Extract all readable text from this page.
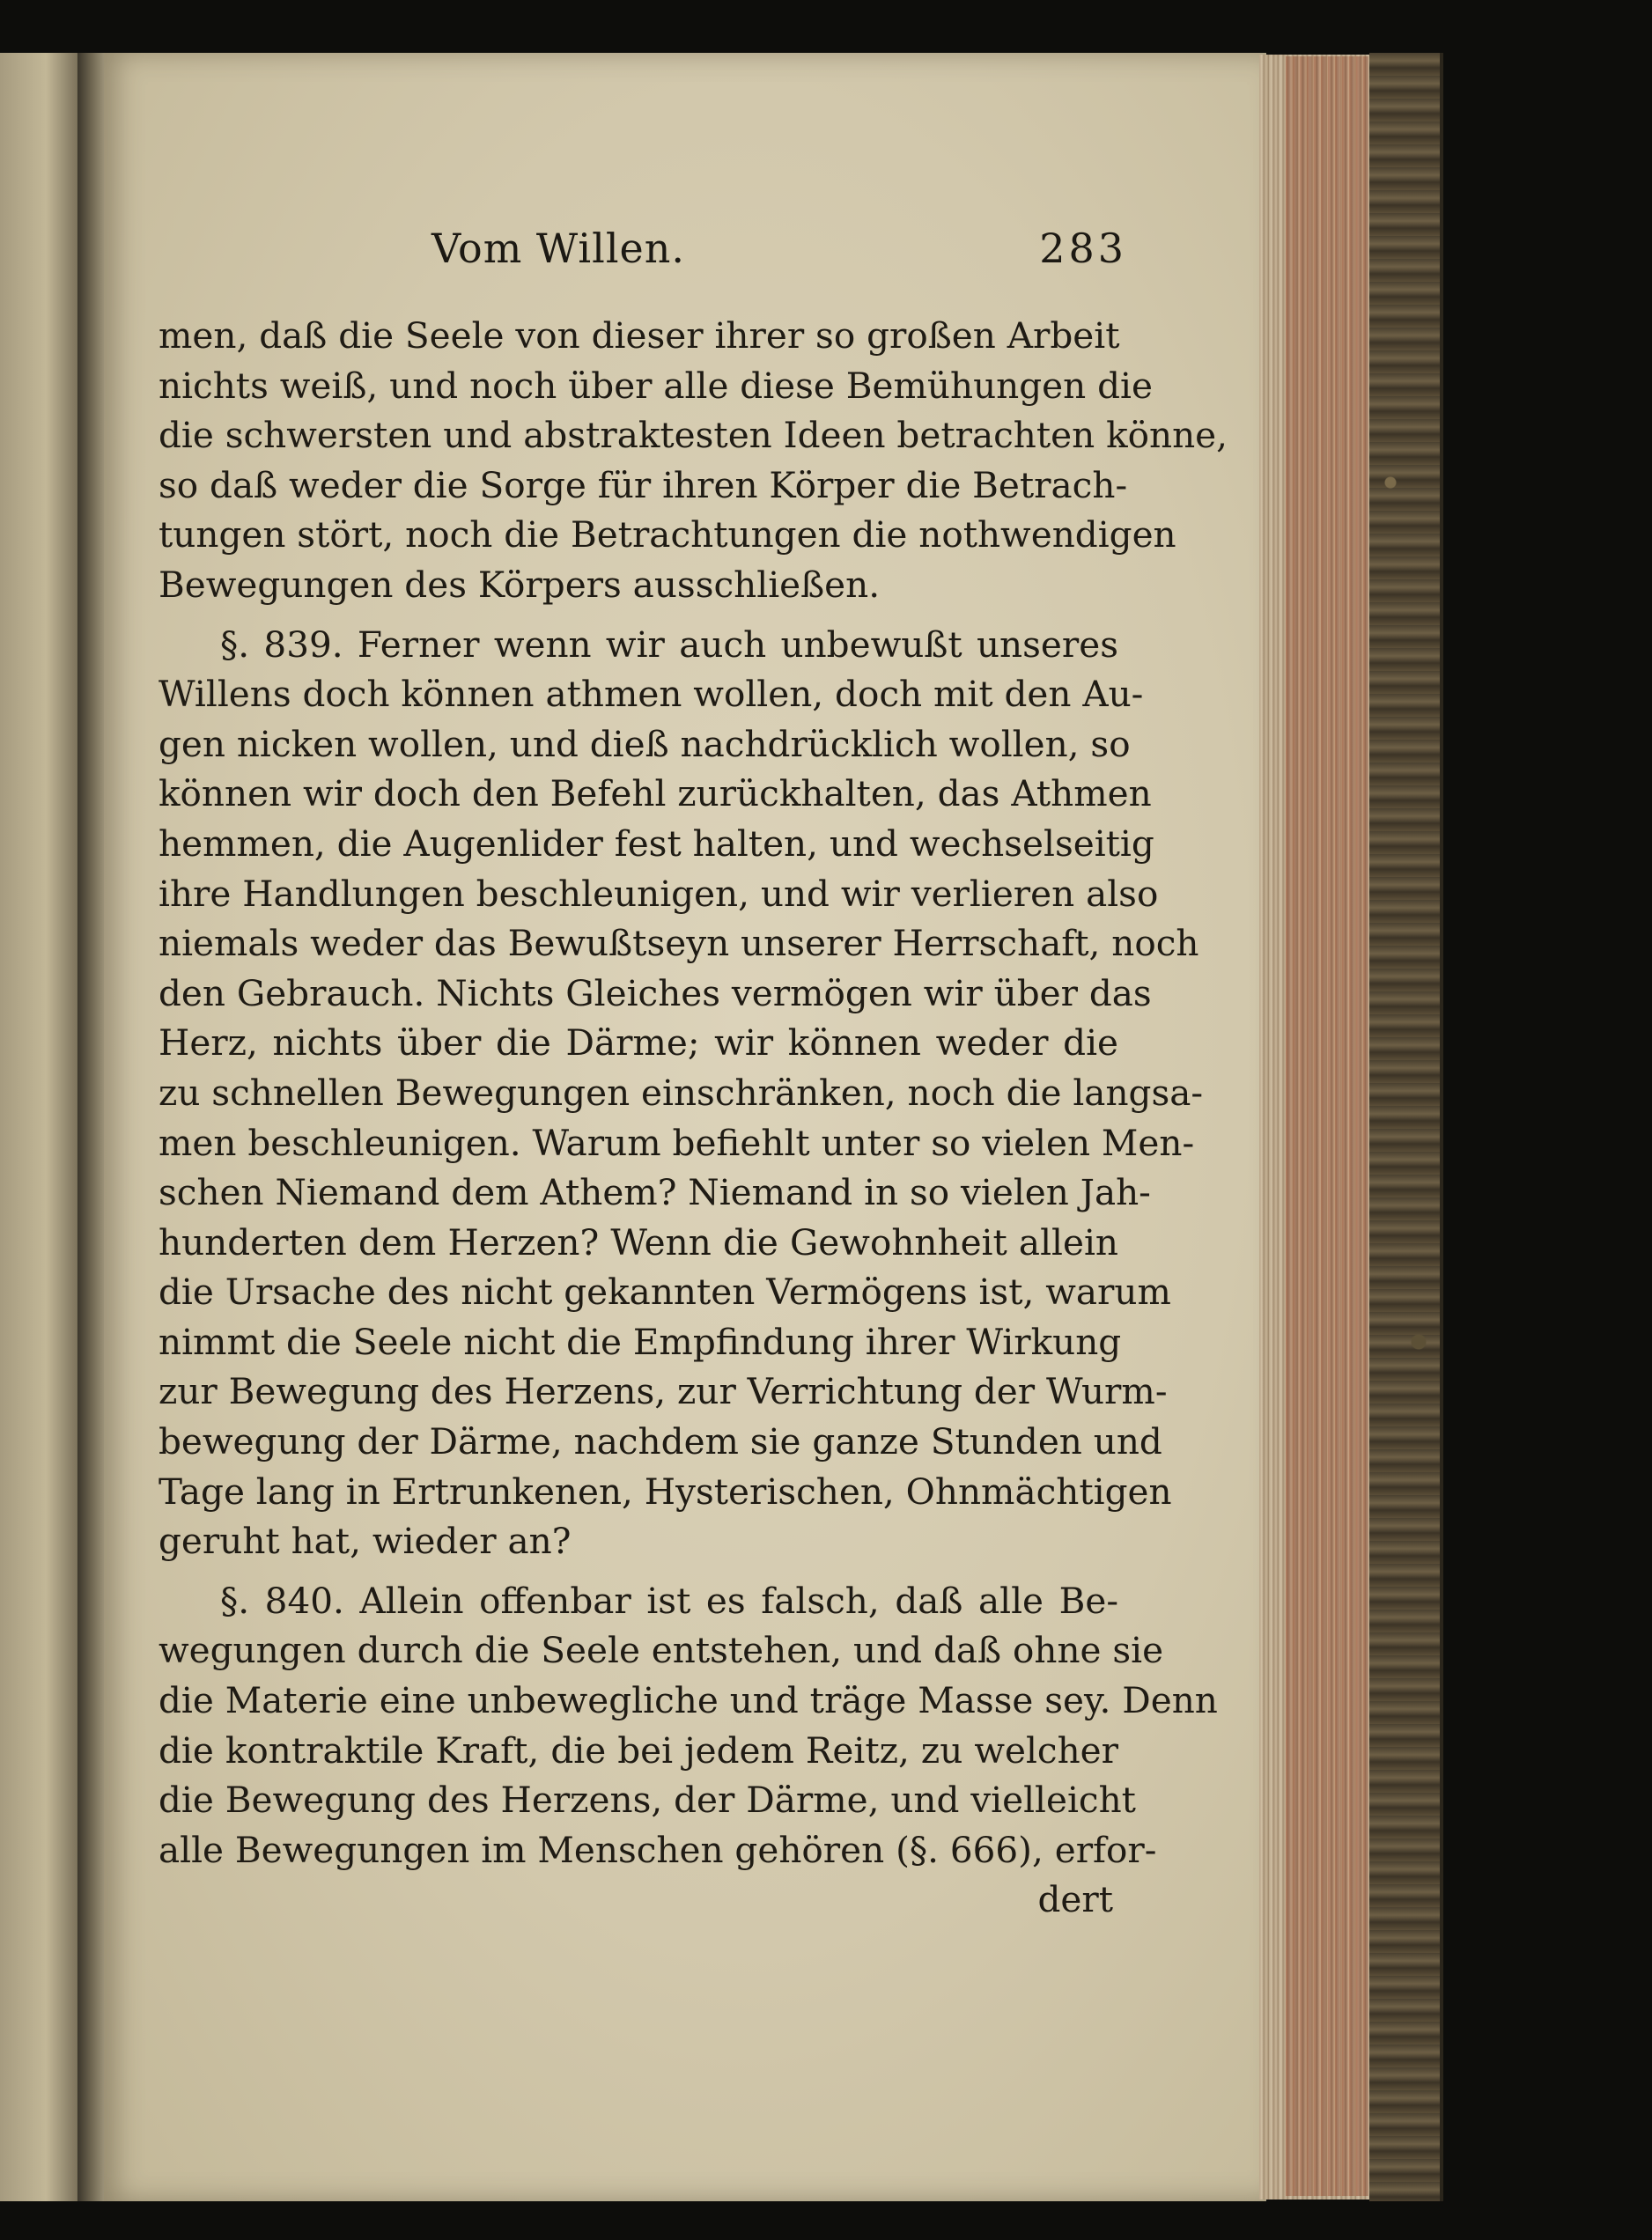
Vom Willen.	283
men, daß die Seele von dieser ihrer so großen Arbeit
nichts weiß, und noch über alle diese Bemühungen die
die schwersten und abstraktesten Ideen betrachten könne,
so daß weder die Sorge für ihren Körper die Betrach-
tungen stört, noch die Betrachtungen die nothwendigen
Bewegungen des Körpers ausschließen.
§. 839. Ferner wenn wir auch unbewußt unseres
Willens doch können athmen wollen, doch mit den Au-
gen nicken wollen, und dieß nachdrücklich wollen, so
können wir doch den Befehl zurückhalten, das Athmen
hemmen, die Augenlider fest halten, und wechselseitig
ihre Handlungen beschleunigen, und wir verlieren also
niemals weder das Bewußtseyn unserer Herrschaft, noch
den Gebrauch. Nichts Gleiches vermögen wir über das
Herz, nichts über die Därme; wir können weder die
zu schnellen Bewegungen einschränken, noch die langsa-
men beschleunigen. Warum befiehlt unter so vielen Men-
schen Niemand dem Athem? Niemand in so vielen Jah-
hunderten dem Herzen? Wenn die Gewohnheit allein
die Ursache des nicht gekannten Vermögens ist, warum
nimmt die Seele nicht die Empfindung ihrer Wirkung
zur Bewegung des Herzens, zur Verrichtung der Wurm-
bewegung der Därme, nachdem sie ganze Stunden und
Tage lang in Ertrunkenen, Hysterischen, Ohnmächtigen
geruht hat, wieder an?
§. 840. Allein offenbar ist es falsch, daß alle Be-
wegungen durch die Seele entstehen, und daß ohne sie
die Materie eine unbewegliche und träge Masse sey. Denn
die kontraktile Kraft, die bei jedem Reitz, zu welcher
die Bewegung des Herzens, der Därme, und vielleicht
alle Bewegungen im Menschen gehören (§. 666), erfor-
dert
